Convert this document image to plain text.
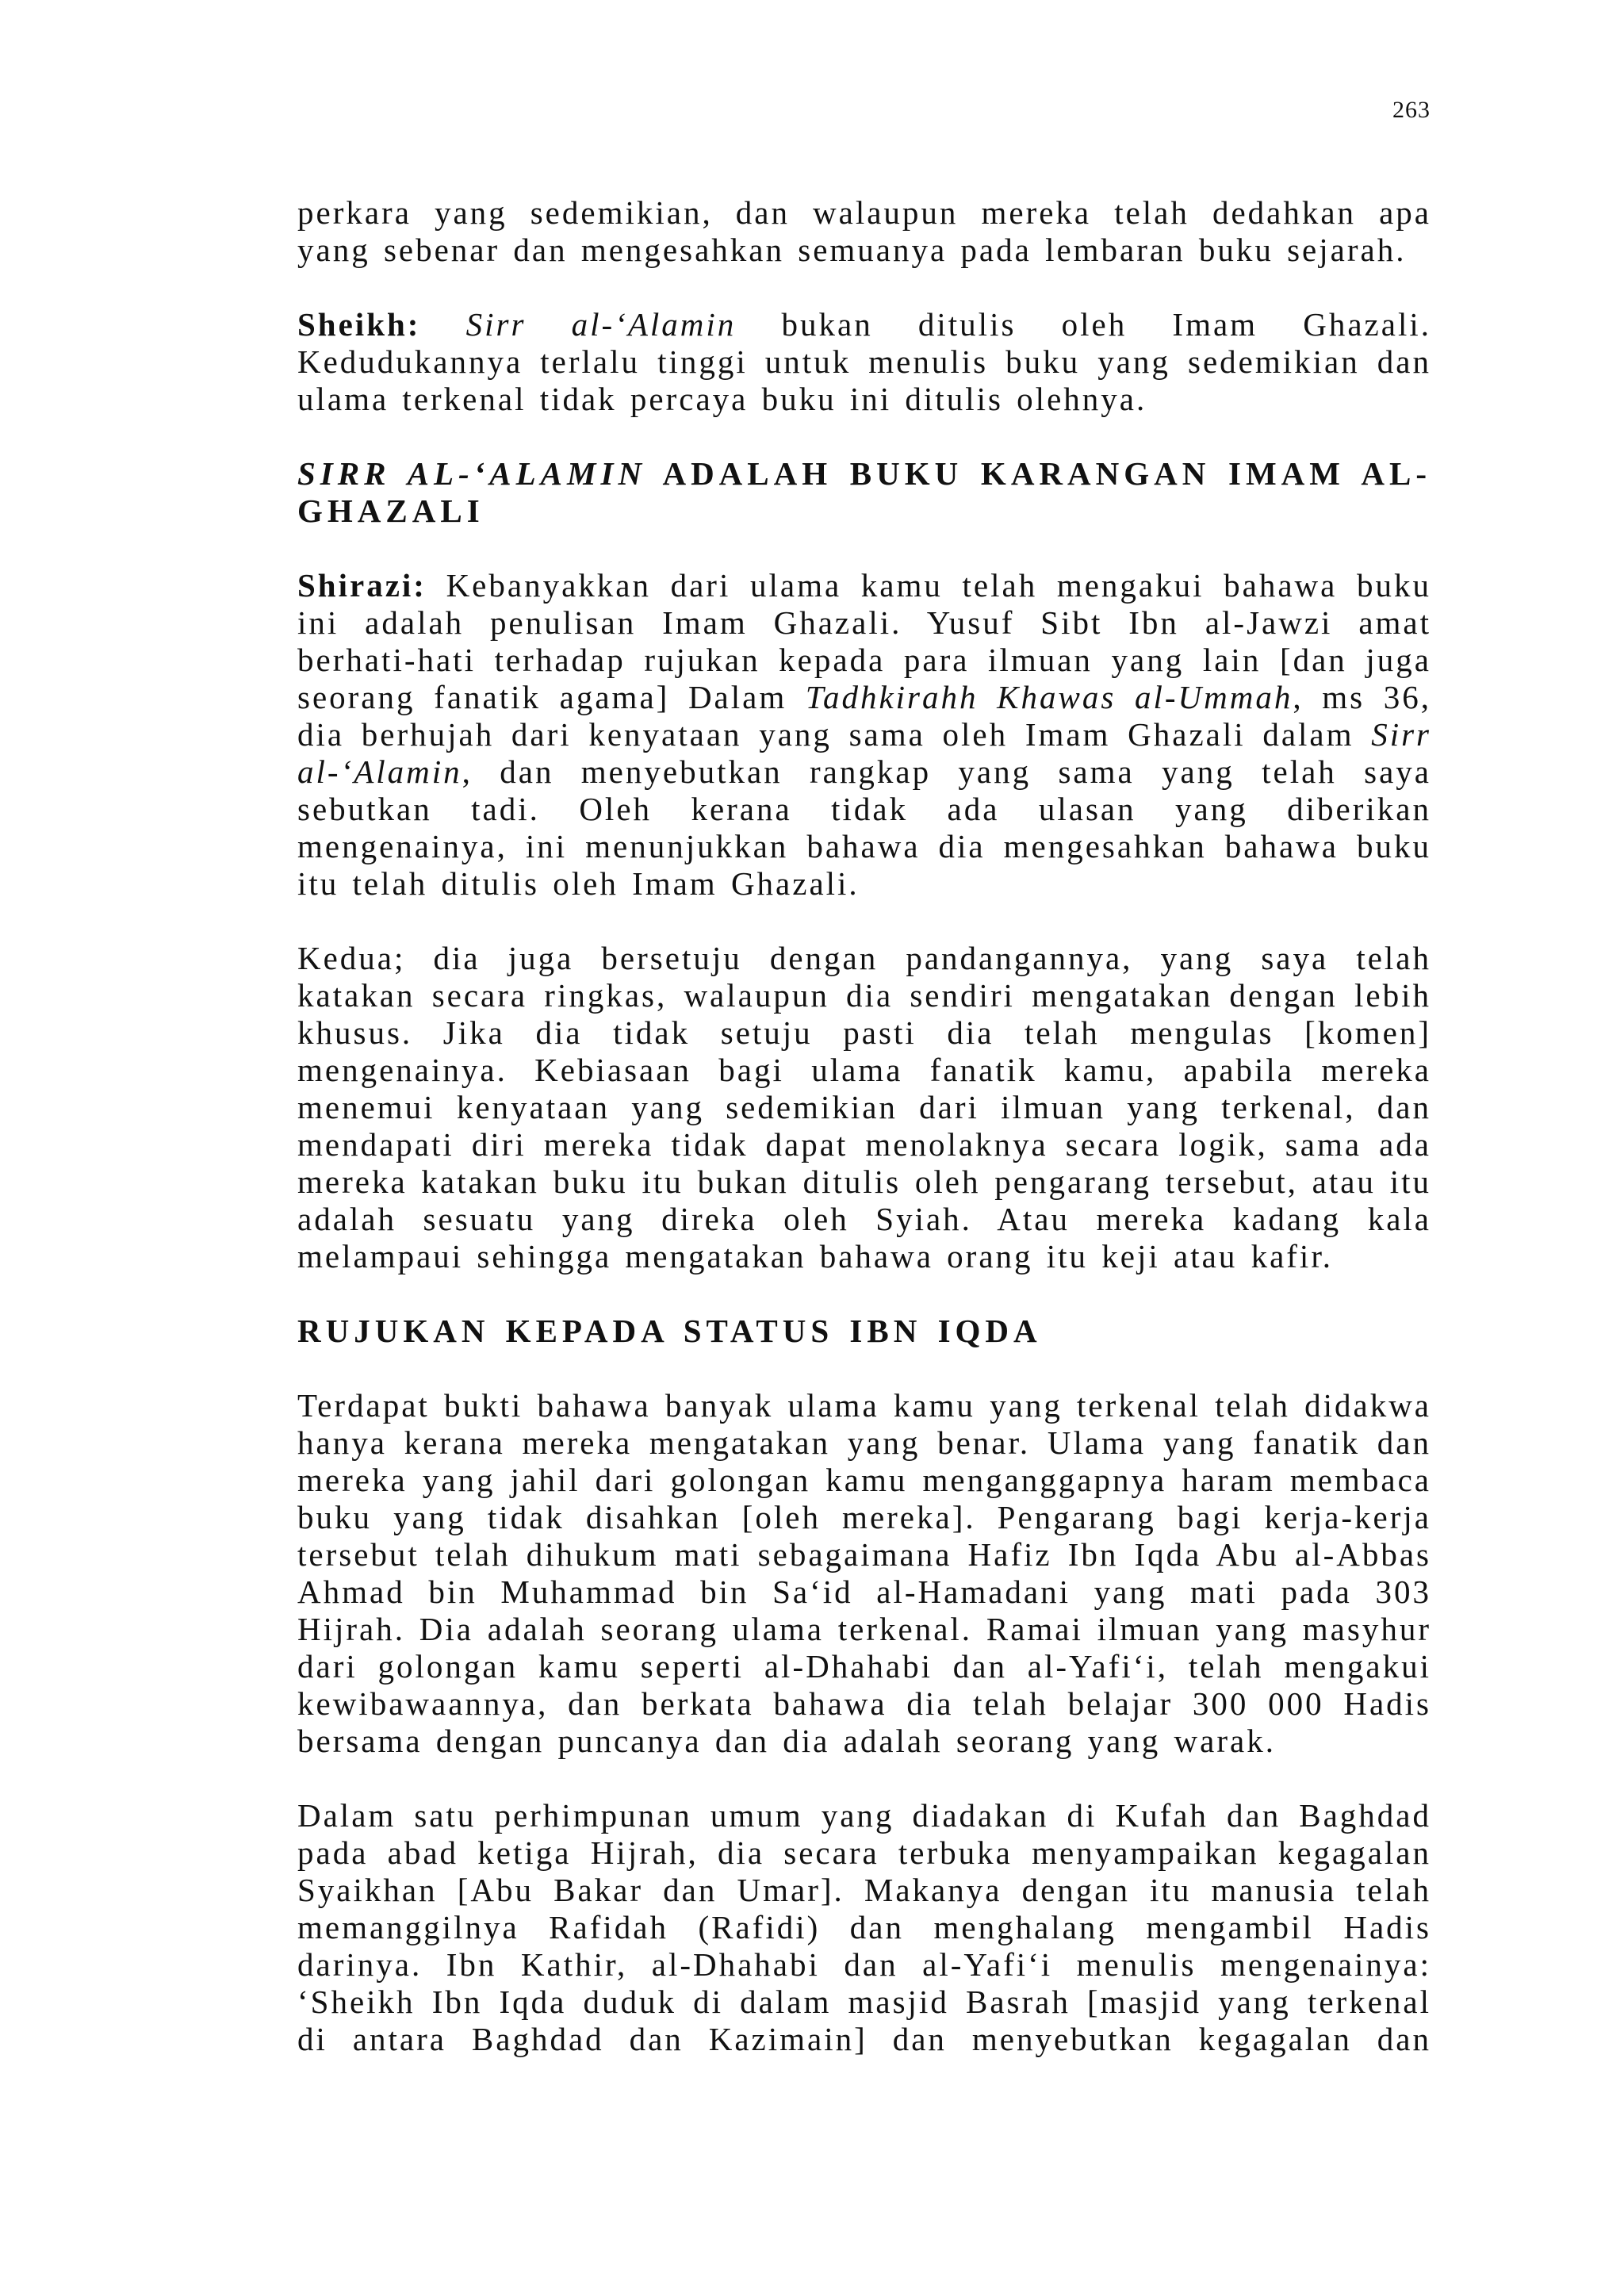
263

perkara yang sedemikian, dan walaupun mereka telah dedahkan apa yang sebenar dan mengesahkan semuanya pada lembaran buku sejarah.

Sheikh: Sirr al-‘Alamin bukan ditulis oleh Imam Ghazali. Kedudukannya terlalu tinggi untuk menulis buku yang sedemikian dan ulama terkenal tidak percaya buku ini ditulis olehnya.

SIRR AL-‘ALAMIN ADALAH BUKU KARANGAN IMAM AL-GHAZALI

Shirazi: Kebanyakkan dari ulama kamu telah mengakui bahawa buku ini adalah penulisan Imam Ghazali. Yusuf Sibt Ibn al-Jawzi amat berhati-hati terhadap rujukan kepada para ilmuan yang lain [dan juga seorang fanatik agama] Dalam Tadhkirahh Khawas al-Ummah, ms 36, dia berhujah dari kenyataan yang sama oleh Imam Ghazali dalam Sirr al-‘Alamin, dan menyebutkan rangkap yang sama yang telah saya sebutkan tadi. Oleh kerana tidak ada ulasan yang diberikan mengenainya, ini menunjukkan bahawa dia mengesahkan bahawa buku itu telah ditulis oleh Imam Ghazali.

Kedua; dia juga bersetuju dengan pandangannya, yang saya telah katakan secara ringkas, walaupun dia sendiri mengatakan dengan lebih khusus. Jika dia tidak setuju pasti dia telah mengulas [komen] mengenainya. Kebiasaan bagi ulama fanatik kamu, apabila mereka menemui kenyataan yang sedemikian dari ilmuan yang terkenal, dan mendapati diri mereka tidak dapat menolaknya secara logik, sama ada mereka katakan buku itu bukan ditulis oleh pengarang tersebut, atau itu adalah sesuatu yang direka oleh Syiah. Atau mereka kadang kala melampaui sehingga mengatakan bahawa orang itu keji atau kafir.

RUJUKAN KEPADA STATUS IBN IQDA

Terdapat bukti bahawa banyak ulama kamu yang terkenal telah didakwa hanya kerana mereka mengatakan yang benar. Ulama yang fanatik dan mereka yang jahil dari golongan kamu menganggapnya haram membaca buku yang tidak disahkan [oleh mereka]. Pengarang bagi kerja-kerja tersebut telah dihukum mati sebagaimana Hafiz Ibn Iqda Abu al-Abbas Ahmad bin Muhammad bin Sa‘id al-Hamadani yang mati pada 303 Hijrah. Dia adalah seorang ulama terkenal. Ramai ilmuan yang masyhur dari golongan kamu seperti al-Dhahabi dan al-Yafi‘i, telah mengakui kewibawaannya, dan berkata bahawa dia telah belajar 300 000 Hadis bersama dengan puncanya dan dia adalah seorang yang warak.

Dalam satu perhimpunan umum yang diadakan di Kufah dan Baghdad pada abad ketiga Hijrah, dia secara terbuka menyampaikan kegagalan Syaikhan [Abu Bakar dan Umar]. Makanya dengan itu manusia telah memanggilnya Rafidah (Rafidi) dan menghalang mengambil Hadis darinya. Ibn Kathir, al-Dhahabi dan al-Yafi‘i menulis mengenainya: ‘Sheikh Ibn Iqda duduk di dalam masjid Basrah [masjid yang terkenal di antara Baghdad dan Kazimain] dan menyebutkan kegagalan dan
